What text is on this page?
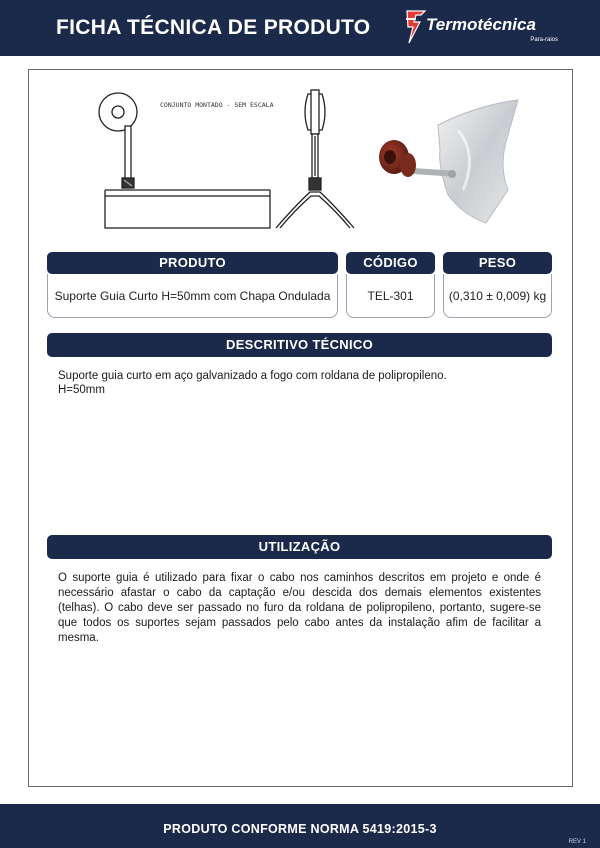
FICHA TÉCNICA DE PRODUTO	Termotécnica
Para-raios
CONJUNTO MONTADO - SEM ESCALA
PRODUTO
Suporte Guia Curto H=50mm com Chapa Ondulada
CÓDIGO
TEL-301
PESO
(0,310 ± 0,009) kg
DESCRITIVO TÉCNICO
Suporte guia curto em aço galvanizado a fogo com roldana de polipropileno.
H=50mm
UTILIZAÇÃO
O suporte guia é utilizado para fixar o cabo nos caminhos descritos em projeto e onde é necessário afastar o cabo da captação e/ou descida dos demais elementos existentes (telhas). O cabo deve ser passado no furo da roldana de polipropileno, portanto, sugere-se que todos os suportes sejam passados pelo cabo antes da instalação afim de facilitar a mesma.
PRODUTO CONFORME NORMA 5419:2015-3
REV 1
